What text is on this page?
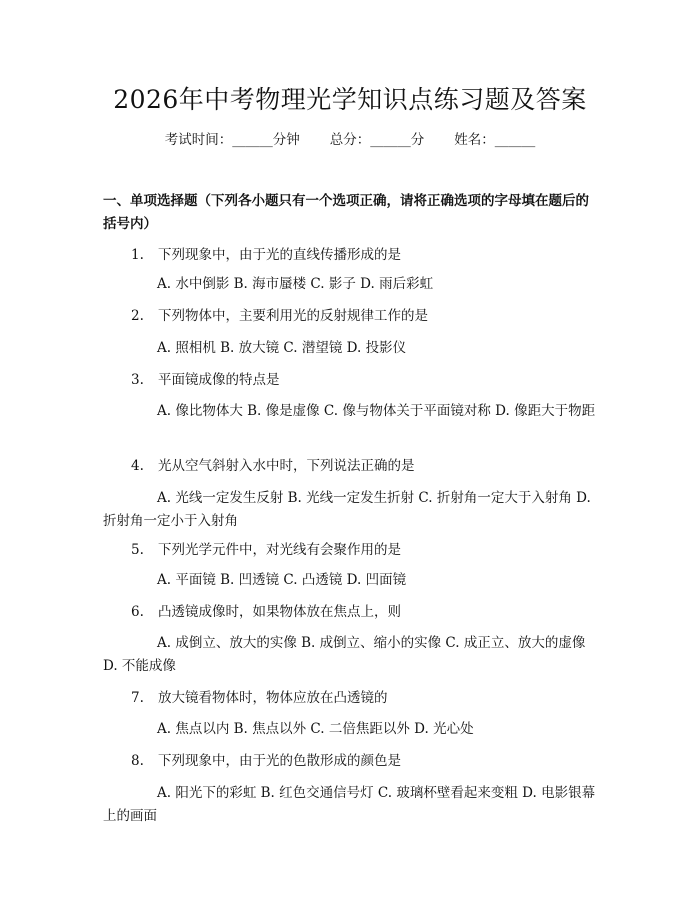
2026年中考物理光学知识点练习题及答案
考试时间：______分钟 总分：______分 姓名：______
一、单项选择题（下列各小题只有一个选项正确，请将正确选项的字母填在题后的括号内）
1. 下列现象中，由于光的直线传播形成的是
A. 水中倒影 B. 海市蜃楼 C. 影子 D. 雨后彩虹
2. 下列物体中，主要利用光的反射规律工作的是
A. 照相机 B. 放大镜 C. 潜望镜 D. 投影仪
3. 平面镜成像的特点是
A. 像比物体大 B. 像是虚像 C. 像与物体关于平面镜对称 D. 像距大于物距
4. 光从空气斜射入水中时，下列说法正确的是
A. 光线一定发生反射 B. 光线一定发生折射 C. 折射角一定大于入射角 D. 折射角一定小于入射角
5. 下列光学元件中，对光线有会聚作用的是
A. 平面镜 B. 凹透镜 C. 凸透镜 D. 凹面镜
6. 凸透镜成像时，如果物体放在焦点上，则
A. 成倒立、放大的实像 B. 成倒立、缩小的实像 C. 成正立、放大的虚像 D. 不能成像
7. 放大镜看物体时，物体应放在凸透镜的
A. 焦点以内 B. 焦点以外 C. 二倍焦距以外 D. 光心处
8. 下列现象中，由于光的色散形成的颜色是
A. 阳光下的彩虹 B. 红色交通信号灯 C. 玻璃杯壁看起来变粗 D. 电影银幕上的画面
